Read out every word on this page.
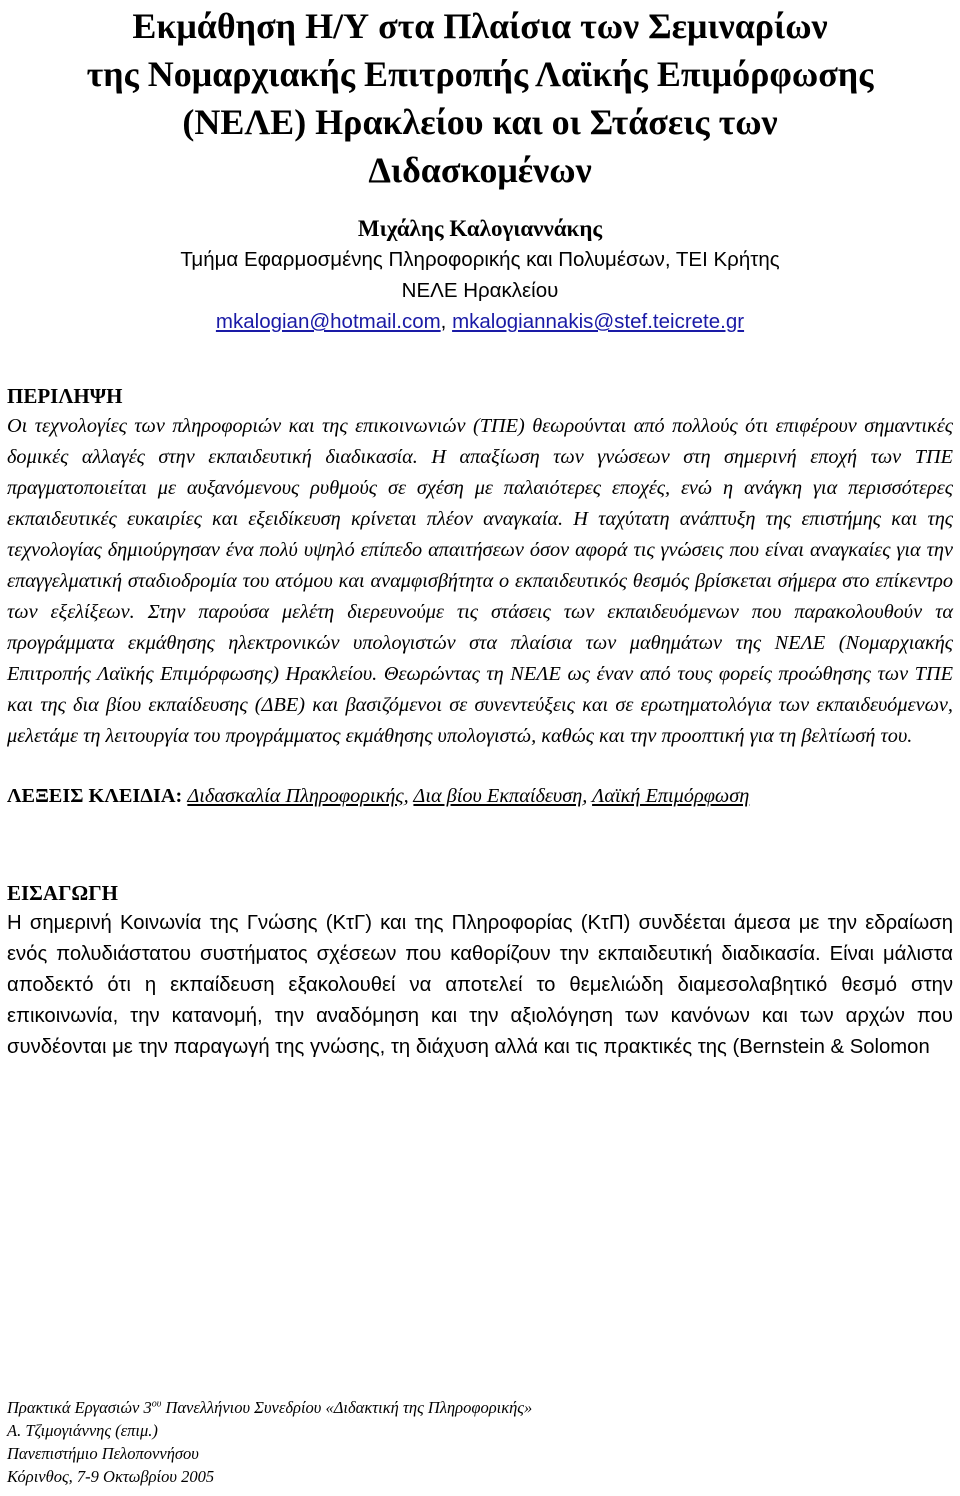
Εκμάθηση Η/Υ στα Πλαίσια των Σεμιναρίων
της Νομαρχιακής Επιτροπής Λαϊκής Επιμόρφωσης
(ΝΕΛΕ) Ηρακλείου και οι Στάσεις των
Διδασκομένων
Μιχάλης Καλογιαννάκης
Τμήμα Εφαρμοσμένης Πληροφορικής και Πολυμέσων, ΤΕΙ Κρήτης
ΝΕΛΕ Ηρακλείου
mkalogian@hotmail.com, mkalogiannakis@stef.teicrete.gr
ΠΕΡΙΛΗΨΗ

Οι τεχνολογίες των πληροφοριών και της επικοινωνιών (ΤΠΕ) θεωρούνται από πολλούς ότι επιφέρουν σημαντικές δομικές αλλαγές στην εκπαιδευτική διαδικασία. Η απαξίωση των γνώσεων στη σημερινή εποχή των ΤΠΕ πραγματοποιείται με αυξανόμενους ρυθμούς σε σχέση με παλαιότερες εποχές, ενώ η ανάγκη για περισσότερες εκπαιδευτικές ευκαιρίες και εξειδίκευση κρίνεται πλέον αναγκαία. Η ταχύτατη ανάπτυξη της επιστήμης και της τεχνολογίας δημιούργησαν ένα πολύ υψηλό επίπεδο απαιτήσεων όσον αφορά τις γνώσεις που είναι αναγκαίες για την επαγγελματική σταδιοδρομία του ατόμου και αναμφισβήτητα ο εκπαιδευτικός θεσμός βρίσκεται σήμερα στο επίκεντρο των εξελίξεων. Στην παρούσα μελέτη διερευνούμε τις στάσεις των εκπαιδευόμενων που παρακολουθούν τα προγράμματα εκμάθησης ηλεκτρονικών υπολογιστών στα πλαίσια των μαθημάτων της ΝΕΛΕ (Νομαρχιακής Επιτροπής Λαϊκής Επιμόρφωσης) Ηρακλείου. Θεωρώντας τη ΝΕΛΕ ως έναν από τους φορείς προώθησης των ΤΠΕ και της δια βίου εκπαίδευσης (ΔΒΕ) και βασιζόμενοι σε συνεντεύξεις και σε ερωτηματολόγια των εκπαιδευόμενων, μελετάμε τη λειτουργία του προγράμματος εκμάθησης υπολογιστώ, καθώς και την προοπτική για τη βελτίωσή του.

ΛΕΞΕΙΣ ΚΛΕΙΔΙΑ: Διδασκαλία Πληροφορικής, Δια βίου Εκπαίδευση, Λαϊκή Επιμόρφωση

ΕΙΣΑΓΩΓΗ

Η σημερινή Κοινωνία της Γνώσης (ΚτΓ) και της Πληροφορίας (ΚτΠ) συνδέεται άμεσα με την εδραίωση ενός πολυδιάστατου συστήματος σχέσεων που καθορίζουν την εκπαιδευτική διαδικασία. Είναι μάλιστα αποδεκτό ότι η εκπαίδευση εξακολουθεί να αποτελεί το θεμελιώδη διαμεσολαβητικό θεσμό στην επικοινωνία, την κατανομή, την αναδόμηση και την αξιολόγηση των κανόνων και των αρχών που συνδέονται με την παραγωγή της γνώσης, τη διάχυση αλλά και τις πρακτικές της (Bernstein & Solomon

Πρακτικά Εργασιών $3^{o\upsilon}$ Πανελλήνιου Συνεδρίου «Διδακτική της Πληροφορικής»
Α. Τζιμογιάννης (επιμ.)
Πανεπιστήμιο Πελοποννήσου
Κόρινθος, 7-9 Οκτωβρίου 2005
